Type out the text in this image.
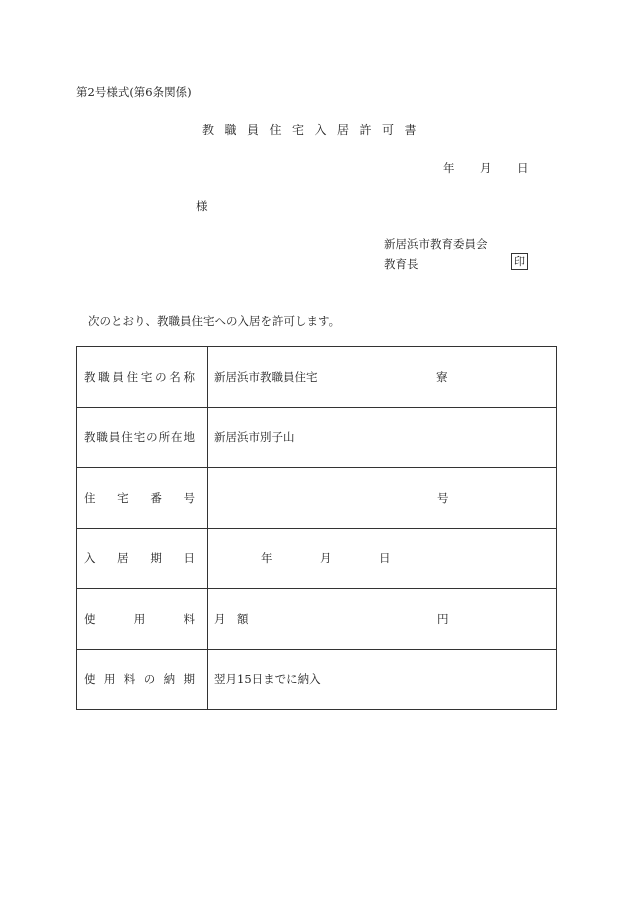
第2号様式(第6条関係)
教職員住宅入居許可書
年 月 日
様
新居浜市教育委員会
教育長	印
次のとおり、教職員住宅への入居を許可します。
教職員住宅の名称	新居浜市教職員住宅 寮

教職員住宅の所在地	新居浜市別子山

住宅番号	号

入居期日	年 月 日

使用料	月　額 円

使用料の納期	翌月15日までに納入
